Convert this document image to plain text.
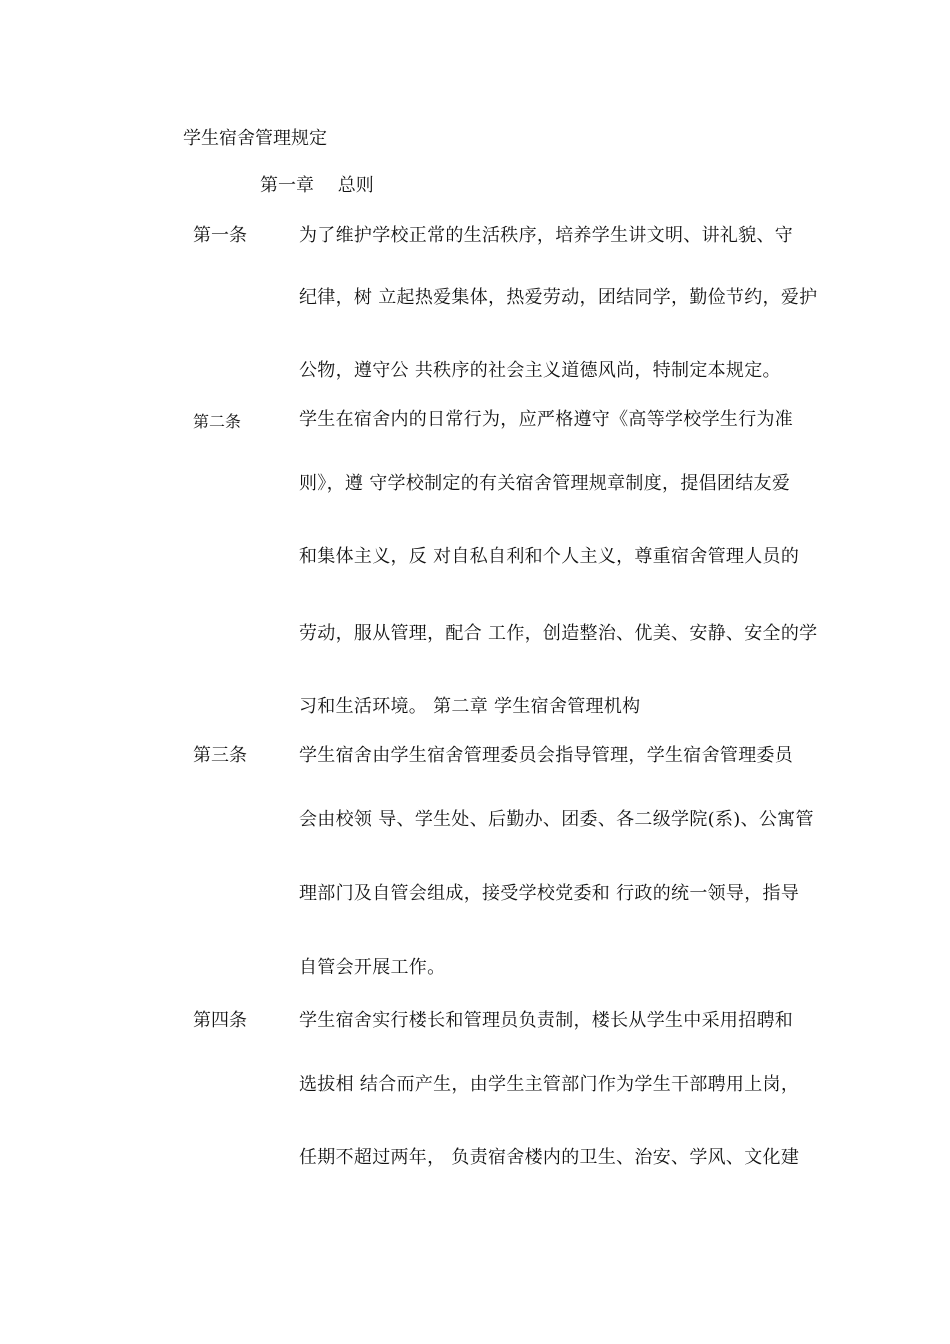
学生宿舍管理规定
第一章　 总则
第一条	为了维护学校正常的生活秩序，培养学生讲文明、讲礼貌、守
纪律，树 立起热爱集体，热爱劳动，团结同学，勤俭节约，爱护
公物，遵守公 共秩序的社会主义道德风尚，特制定本规定。
第二条	学生在宿舍内的日常行为，应严格遵守《高等学校学生行为准
则》，遵 守学校制定的有关宿舍管理规章制度，提倡团结友爱
和集体主义，反 对自私自利和个人主义，尊重宿舍管理人员的
劳动，服从管理，配合 工作，创造整治、优美、安静、安全的学
习和生活环境。 第二章 学生宿舍管理机构
第三条	学生宿舍由学生宿舍管理委员会指导管理，学生宿舍管理委员
会由校领 导、学生处、后勤办、团委、各二级学院(系)、公寓管
理部门及自管会组成，接受学校党委和 行政的统一领导，指导
自管会开展工作。
第四条	学生宿舍实行楼长和管理员负责制，楼长从学生中采用招聘和
选拔相 结合而产生，由学生主管部门作为学生干部聘用上岗，
任期不超过两年， 负责宿舍楼内的卫生、治安、学风、文化建
